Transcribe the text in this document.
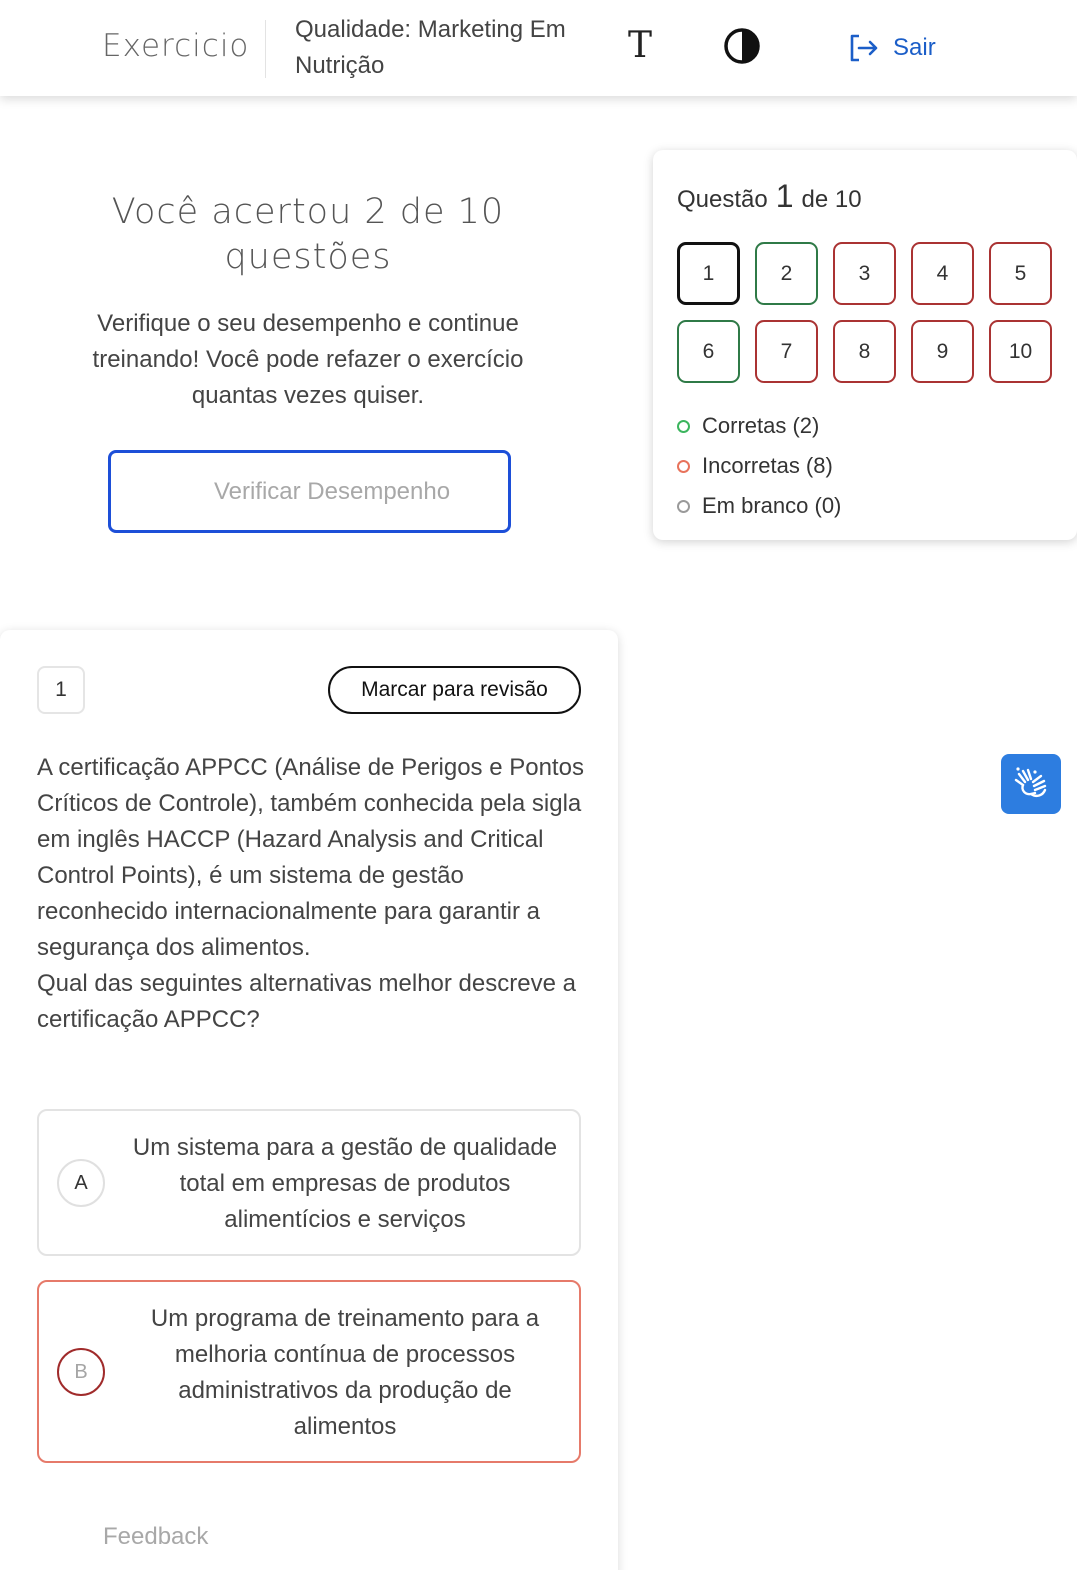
Exercicio Qualidade: Marketing Em Nutrição	T	Sair
Você acertou 2 de 10 questões
Verifique o seu desempenho e continue treinando! Você pode refazer o exercício quantas vezes quiser.
Verificar Desempenho
Questão 1 de 10
1	2	3	4	5
6	7	8	9	10
Corretas (2)
Incorretas (8)
Em branco (0)
1	Marcar para revisão
A certificação APPCC (Análise de Perigos e Pontos Críticos de Controle), também conhecida pela sigla em inglês HACCP (Hazard Analysis and Critical Control Points), é um sistema de gestão reconhecido internacionalmente para garantir a segurança dos alimentos.
Qual das seguintes alternativas melhor descreve a certificação APPCC?
A
Um sistema para a gestão de qualidade total em empresas de produtos alimentícios e serviços
B
Um programa de treinamento para a melhoria contínua de processos administrativos da produção de alimentos
Feedback
